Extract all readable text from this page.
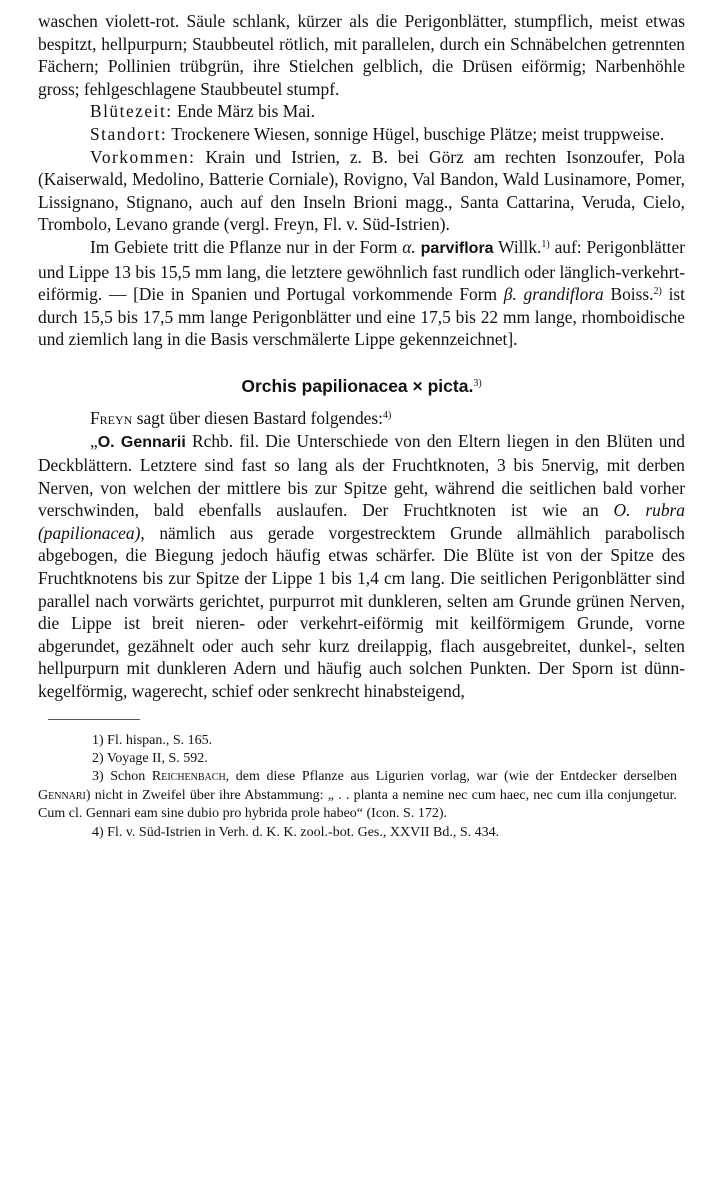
waschen violett-rot. Säule schlank, kürzer als die Perigonblätter, stumpflich, meist etwas bespitzt, hellpurpurn; Staubbeutel rötlich, mit parallelen, durch ein Schnäbelchen getrennten Fächern; Pollinien trübgrün, ihre Stielchen gelblich, die Drüsen eiförmig; Narbenhöhle gross; fehlgeschlagene Staubbeutel stumpf.

Blütezeit: Ende März bis Mai.

Standort: Trockenere Wiesen, sonnige Hügel, buschige Plätze; meist truppweise.

Vorkommen: Krain und Istrien, z. B. bei Görz am rechten Isonzoufer, Pola (Kaiserwald, Medolino, Batterie Corniale), Rovigno, Val Bandon, Wald Lusinamore, Pomer, Lissignano, Stignano, auch auf den Inseln Brioni magg., Santa Cattarina, Veruda, Cielo, Trombolo, Levano grande (vergl. Freyn, Fl. v. Süd-Istrien).

Im Gebiete tritt die Pflanze nur in der Form α. parviflora Willk.$^{1)}$ auf: Perigonblätter und Lippe 13 bis 15,5 mm lang, die letztere gewöhnlich fast rundlich oder länglich-verkehrt-eiförmig. — [Die in Spanien und Portugal vorkommende Form β. grandiflora Boiss.$^{2)}$ ist durch 15,5 bis 17,5 mm lange Perigonblätter und eine 17,5 bis 22 mm lange, rhomboidische und ziemlich lang in die Basis verschmälerte Lippe gekennzeichnet].

Orchis papilionacea × picta.$^{3)}$

Freyn sagt über diesen Bastard folgendes:$^{4)}$

„O. Gennarii Rchb. fil. Die Unterschiede von den Eltern liegen in den Blüten und Deckblättern. Letztere sind fast so lang als der Fruchtknoten, 3 bis 5nervig, mit derben Nerven, von welchen der mittlere bis zur Spitze geht, während die seitlichen bald vorher verschwinden, bald ebenfalls auslaufen. Der Fruchtknoten ist wie an O. rubra (papilionacea), nämlich aus gerade vorgestrecktem Grunde allmählich parabolisch abgebogen, die Biegung jedoch häufig etwas schärfer. Die Blüte ist von der Spitze des Fruchtknotens bis zur Spitze der Lippe 1 bis 1,4 cm lang. Die seitlichen Perigonblätter sind parallel nach vorwärts gerichtet, purpurrot mit dunkleren, selten am Grunde grünen Nerven, die Lippe ist breit nieren- oder verkehrt-eiförmig mit keilförmigem Grunde, vorne abgerundet, gezähnelt oder auch sehr kurz dreilappig, flach ausgebreitet, dunkel-, selten hellpurpurn mit dunkleren Adern und häufig auch solchen Punkten. Der Sporn ist dünn-kegelförmig, wagerecht, schief oder senkrecht hinabsteigend,

1) Fl. hispan., S. 165.

2) Voyage II, S. 592.

3) Schon Reichenbach, dem diese Pflanze aus Ligurien vorlag, war (wie der Entdecker derselben Gennari) nicht in Zweifel über ihre Abstammung: „ . . planta a nemine nec cum haec, nec cum illa conjungetur. Cum cl. Gennari eam sine dubio pro hybrida prole habeo“ (Icon. S. 172).

4) Fl. v. Süd-Istrien in Verh. d. K. K. zool.-bot. Ges., XXVII Bd., S. 434.
